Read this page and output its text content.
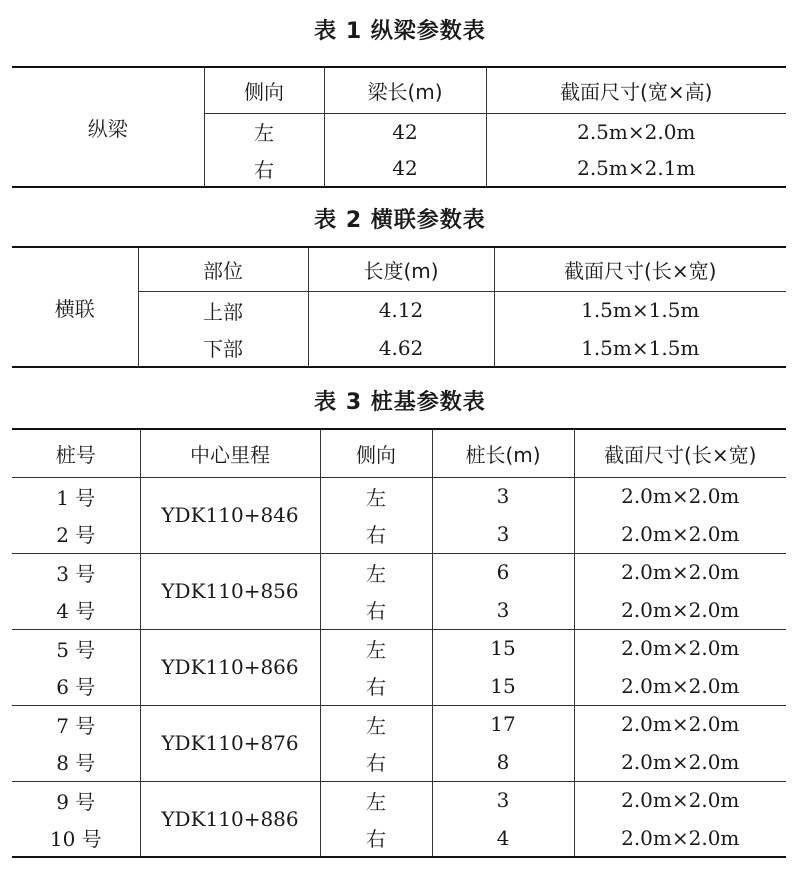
表 1 纵梁参数表
纵梁	侧向	梁长(m)	截面尺寸(宽×高)
	左	42	2.5m×2.0m
	右	42	2.5m×2.1m
表 2 横联参数表
横联	部位	长度(m)	截面尺寸(长×宽)
	上部	4.12	1.5m×1.5m
	下部	4.62	1.5m×1.5m
表 3 桩基参数表
桩号	中心里程	侧向	桩长(m)	截面尺寸(长×宽)
1 号	YDK110+846	左	3	2.0m×2.0m
2 号		右	3	2.0m×2.0m
3 号	YDK110+856	左	6	2.0m×2.0m
4 号		右	3	2.0m×2.0m
5 号	YDK110+866	左	15	2.0m×2.0m
6 号		右	15	2.0m×2.0m
7 号	YDK110+876	左	17	2.0m×2.0m
8 号		右	8	2.0m×2.0m
9 号	YDK110+886	左	3	2.0m×2.0m
10 号		右	4	2.0m×2.0m
